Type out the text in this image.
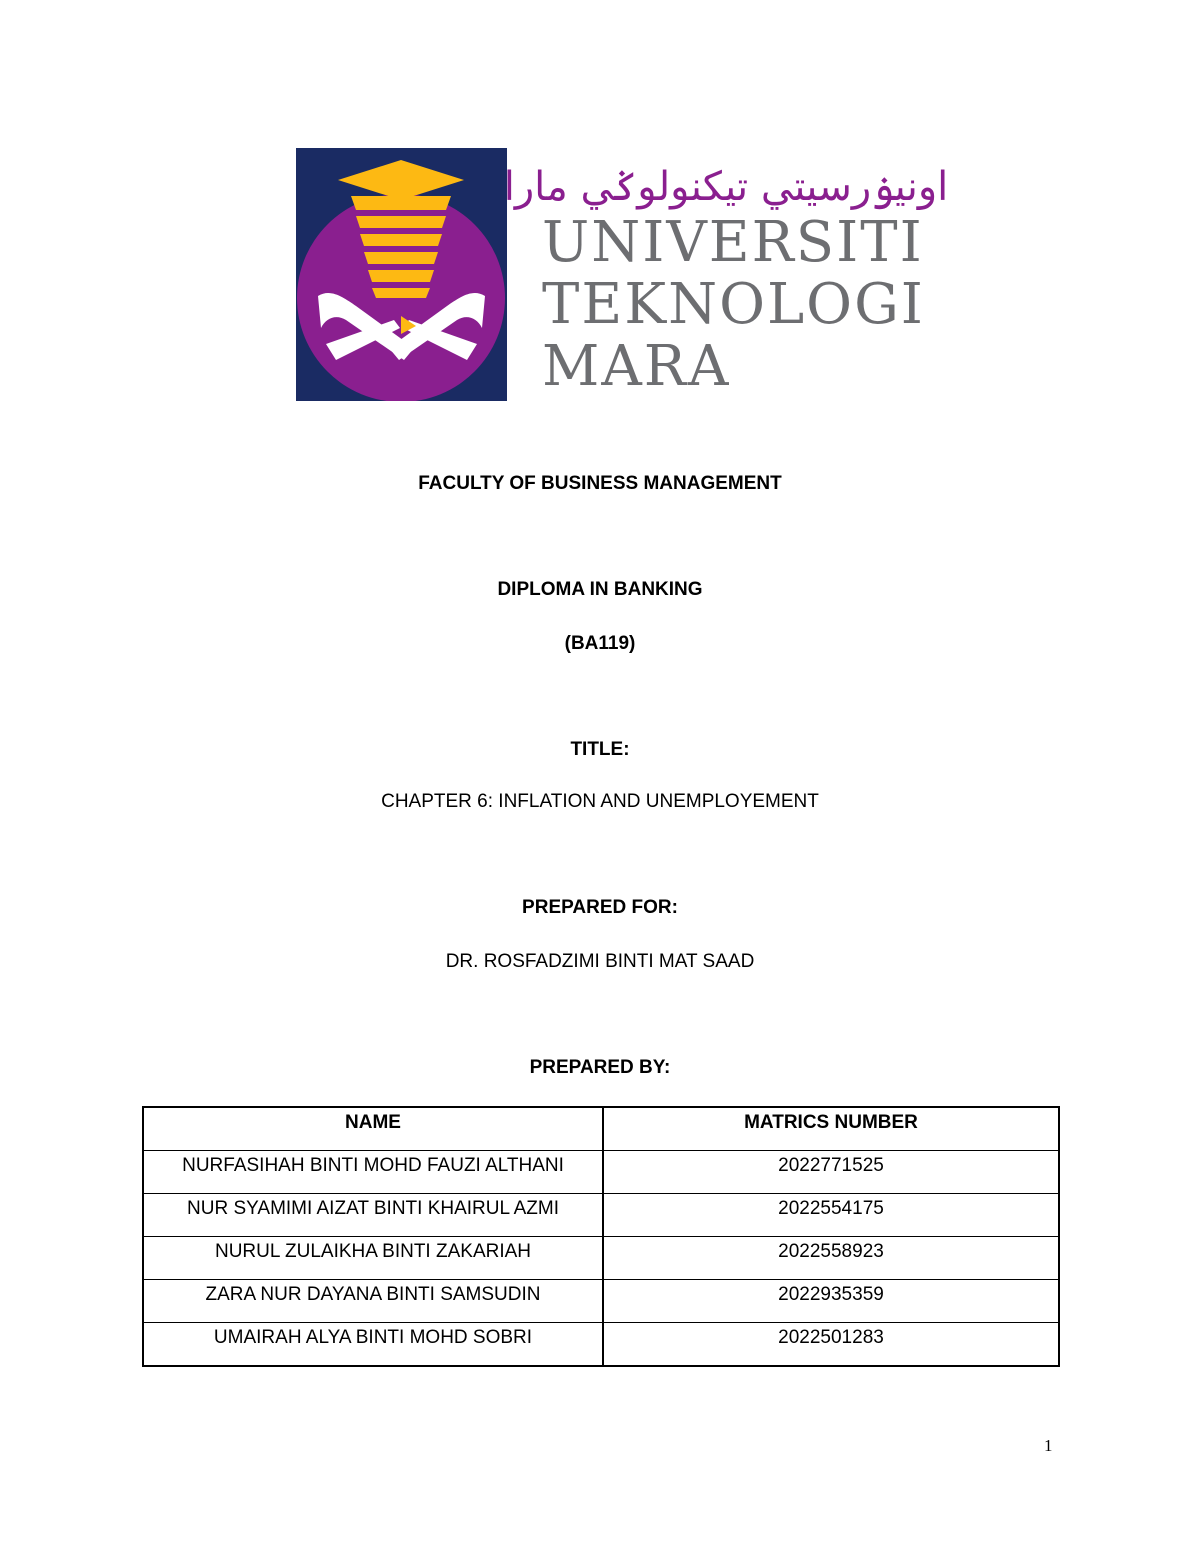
اونيۏرسيتي تيكنولوݢي مارا
UNIVERSITI
TEKNOLOGI
MARA
FACULTY OF BUSINESS MANAGEMENT
DIPLOMA IN BANKING
(BA119)
TITLE:
CHAPTER 6: INFLATION AND UNEMPLOYEMENT
PREPARED FOR:
DR. ROSFADZIMI BINTI MAT SAAD
PREPARED BY:
NAME	MATRICS NUMBER
NURFASIHAH BINTI MOHD FAUZI ALTHANI	2022771525
NUR SYAMIMI AIZAT BINTI KHAIRUL AZMI	2022554175
NURUL ZULAIKHA BINTI ZAKARIAH	2022558923
ZARA NUR DAYANA BINTI SAMSUDIN	2022935359
UMAIRAH ALYA BINTI MOHD SOBRI	2022501283
1
